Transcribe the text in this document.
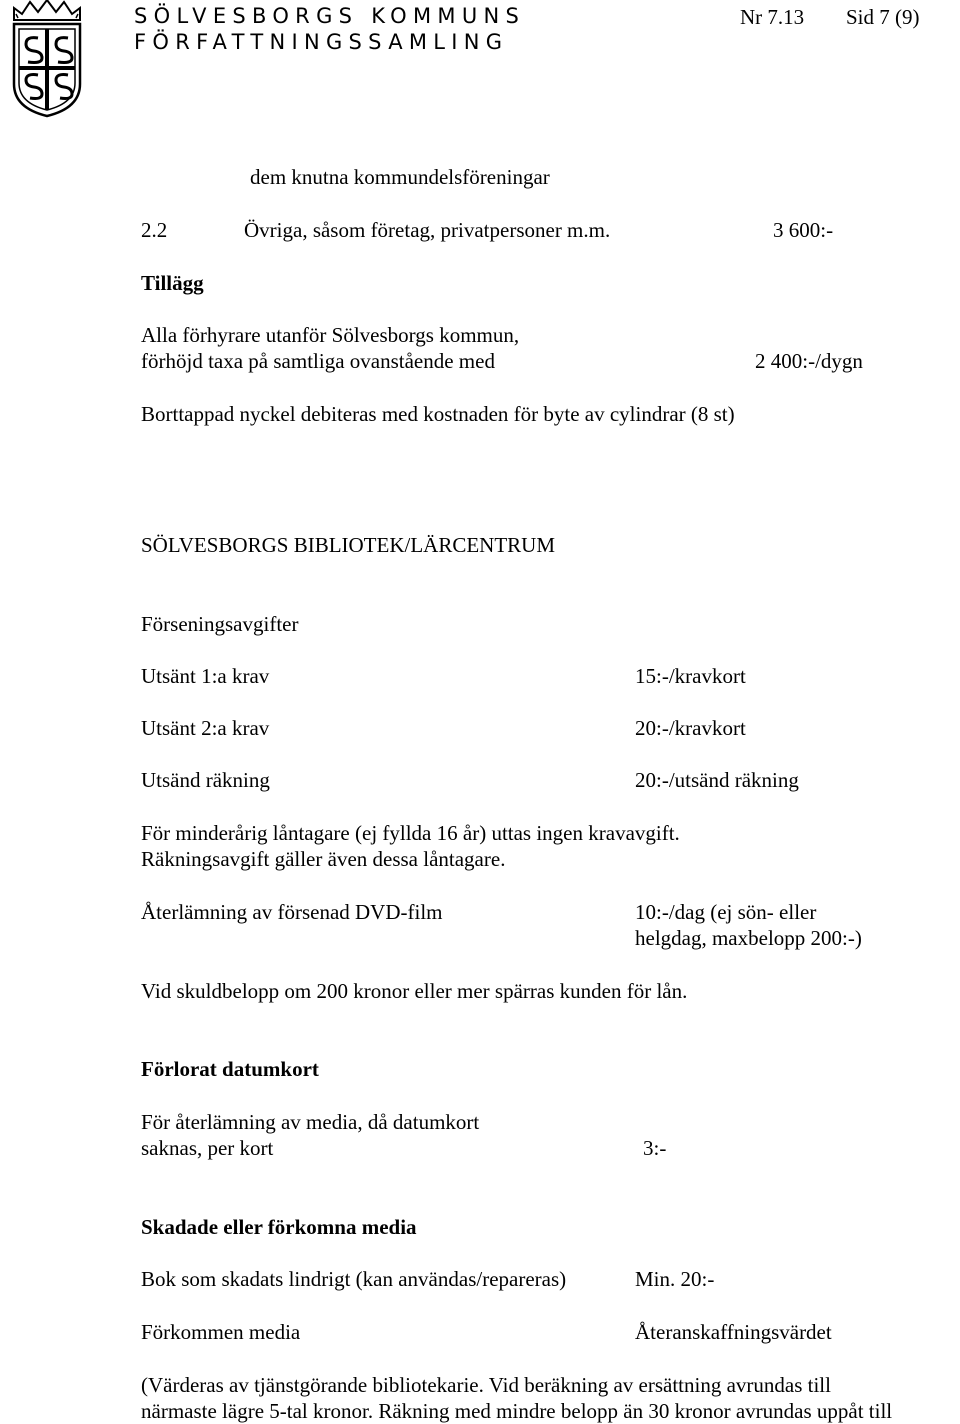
SÖLVESBORGS KOMMUNS
FÖRFATTNINGSSAMLING
Nr 7.13 Sid 7 (9)
dem knutna kommundelsföreningar
2.2	Övriga, såsom företag, privatpersoner m.m.	3 600:-
Tillägg
Alla förhyrare utanför Sölvesborgs kommun,
förhöjd taxa på samtliga ovanstående med	2 400:-/dygn
Borttappad nyckel debiteras med kostnaden för byte av cylindrar (8 st)
SÖLVESBORGS BIBLIOTEK/LÄRCENTRUM
Förseningsavgifter
Utsänt 1:a krav	15:-/kravkort
Utsänt 2:a krav	20:-/kravkort
Utsänd räkning	20:-/utsänd räkning
För minderårig låntagare (ej fyllda 16 år) uttas ingen kravavgift.
Räkningsavgift gäller även dessa låntagare.
Återlämning av försenad DVD-film	10:-/dag (ej sön- eller
helgdag, maxbelopp 200:-)
Vid skuldbelopp om 200 kronor eller mer spärras kunden för lån.
Förlorat datumkort
För återlämning av media, då datumkort
saknas, per kort	3:-
Skadade eller förkomna media
Bok som skadats lindrigt (kan användas/repareras)	Min. 20:-
Förkommen media	Återanskaffningsvärdet
(Värderas av tjänstgörande bibliotekarie. Vid beräkning av ersättning avrundas till
närmaste lägre 5-tal kronor. Räkning med mindre belopp än 30 kronor avrundas uppåt till
